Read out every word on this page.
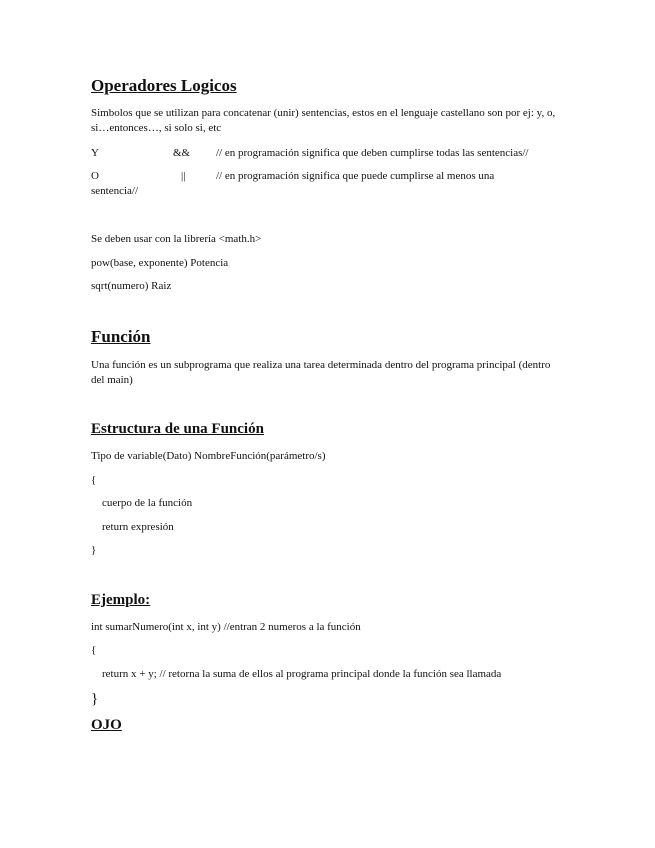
Operadores Logicos
Simbolos que se utilizan para concatenar (unir) sentencias, estos en el lenguaje castellano son por ej: y, o, si…entonces…, si solo si, etc
Y	&& // en programación significa que deben cumplirse todas las sentencias//
O	||	// en programación significa que puede cumplirse al menos una
sentencia//
Se deben usar con la librería <math.h>
pow(base, exponente) Potencia
sqrt(numero) Raiz
Función
Una función es un subprograma que realiza una tarea determinada dentro del programa principal (dentro del main)
Estructura de una Función
Tipo de variable(Dato) NombreFunción(parámetro/s)
{
cuerpo de la función
return expresión
}
Ejemplo:
int sumarNumero(int x, int y) //entran 2 numeros a la función
{
return x + y; // retorna la suma de ellos al programa principal donde la función sea llamada
}
OJO
